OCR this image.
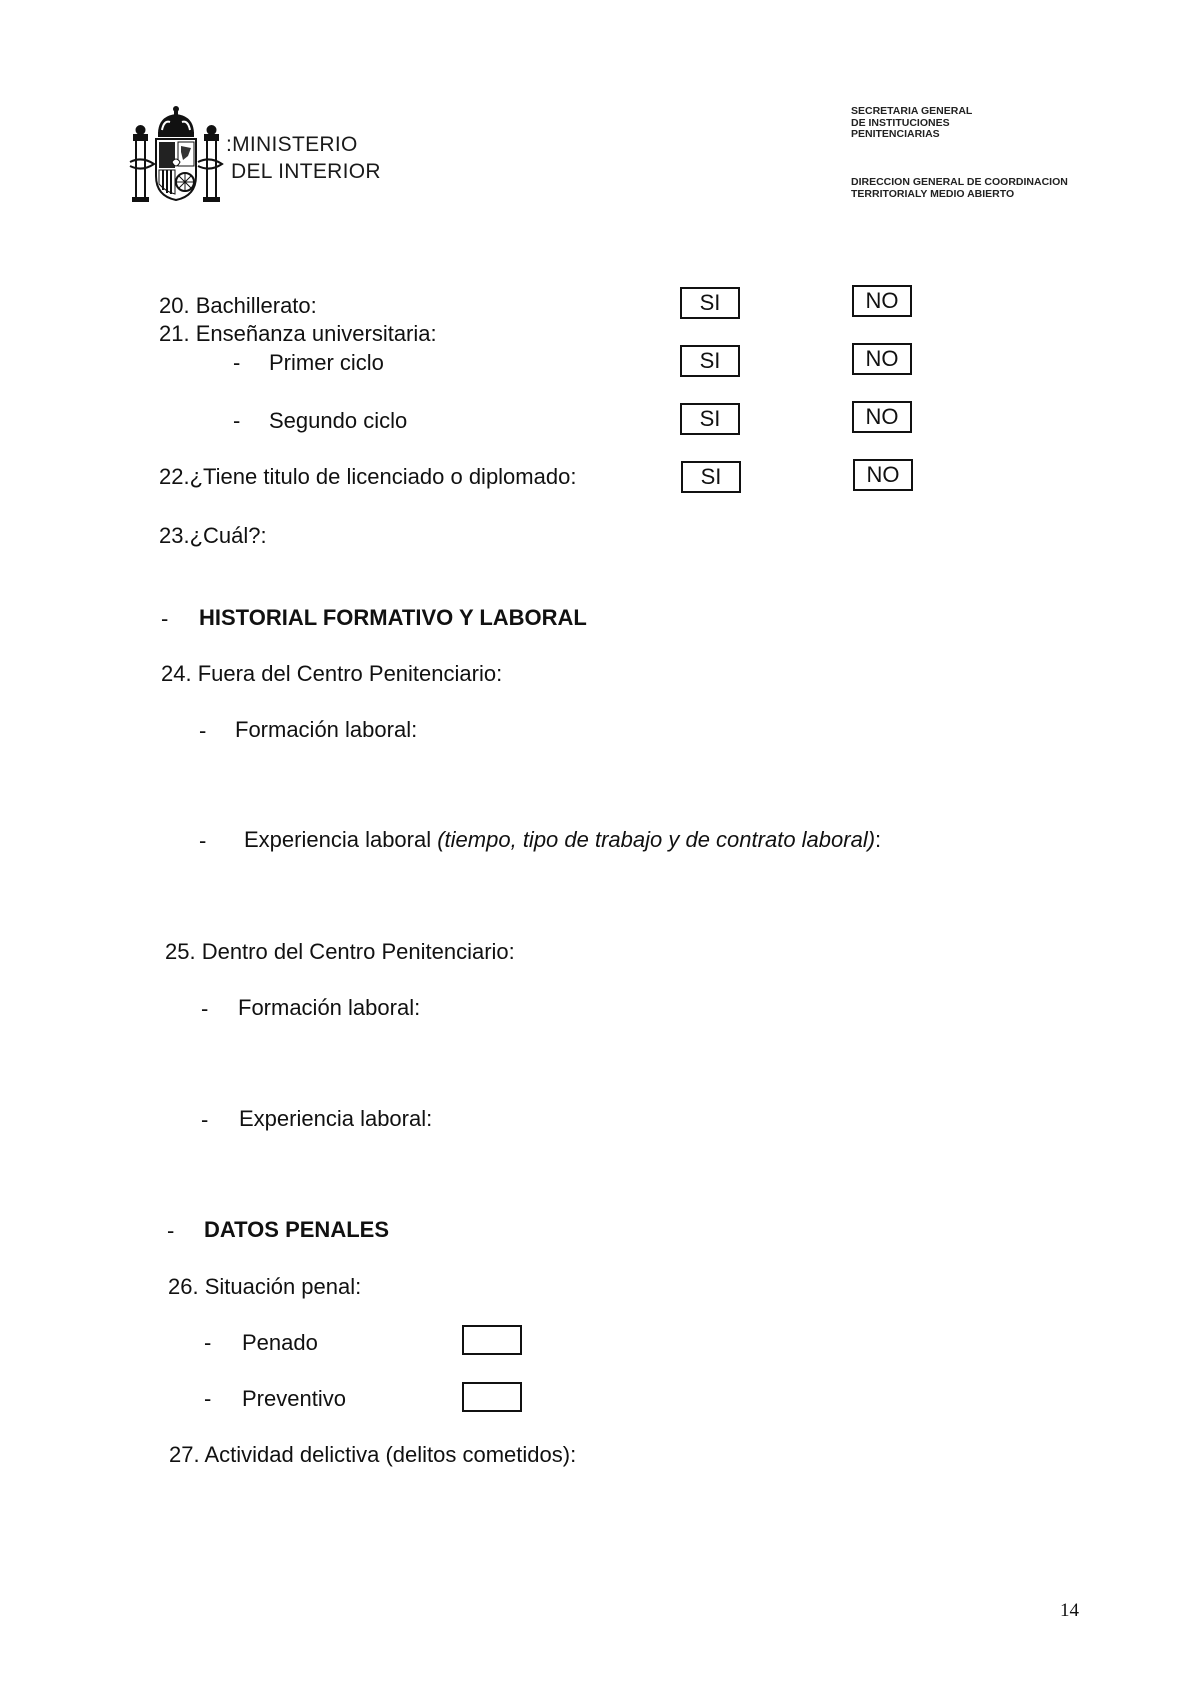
:MINISTERIO
DEL INTERIOR
SECRETARIA GENERAL
DE INSTITUCIONES
PENITENCIARIAS
DIRECCION GENERAL DE COORDINACION
TERRITORIALY MEDIO ABIERTO
20. Bachillerato:	SI	NO
21. Enseñanza universitaria:
- Primer ciclo	SI	NO
- Segundo ciclo	SI	NO
22.¿Tiene titulo de licenciado o diplomado:	SI	NO
23.¿Cuál?:
- HISTORIAL FORMATIVO Y LABORAL
24. Fuera del Centro Penitenciario:
- Formación laboral:
- Experiencia laboral (tiempo, tipo de trabajo y de contrato laboral):
25. Dentro del Centro Penitenciario:
- Formación laboral:
- Experiencia laboral:
- DATOS PENALES
26. Situación penal:
- Penado
- Preventivo
27. Actividad delictiva (delitos cometidos):
14
